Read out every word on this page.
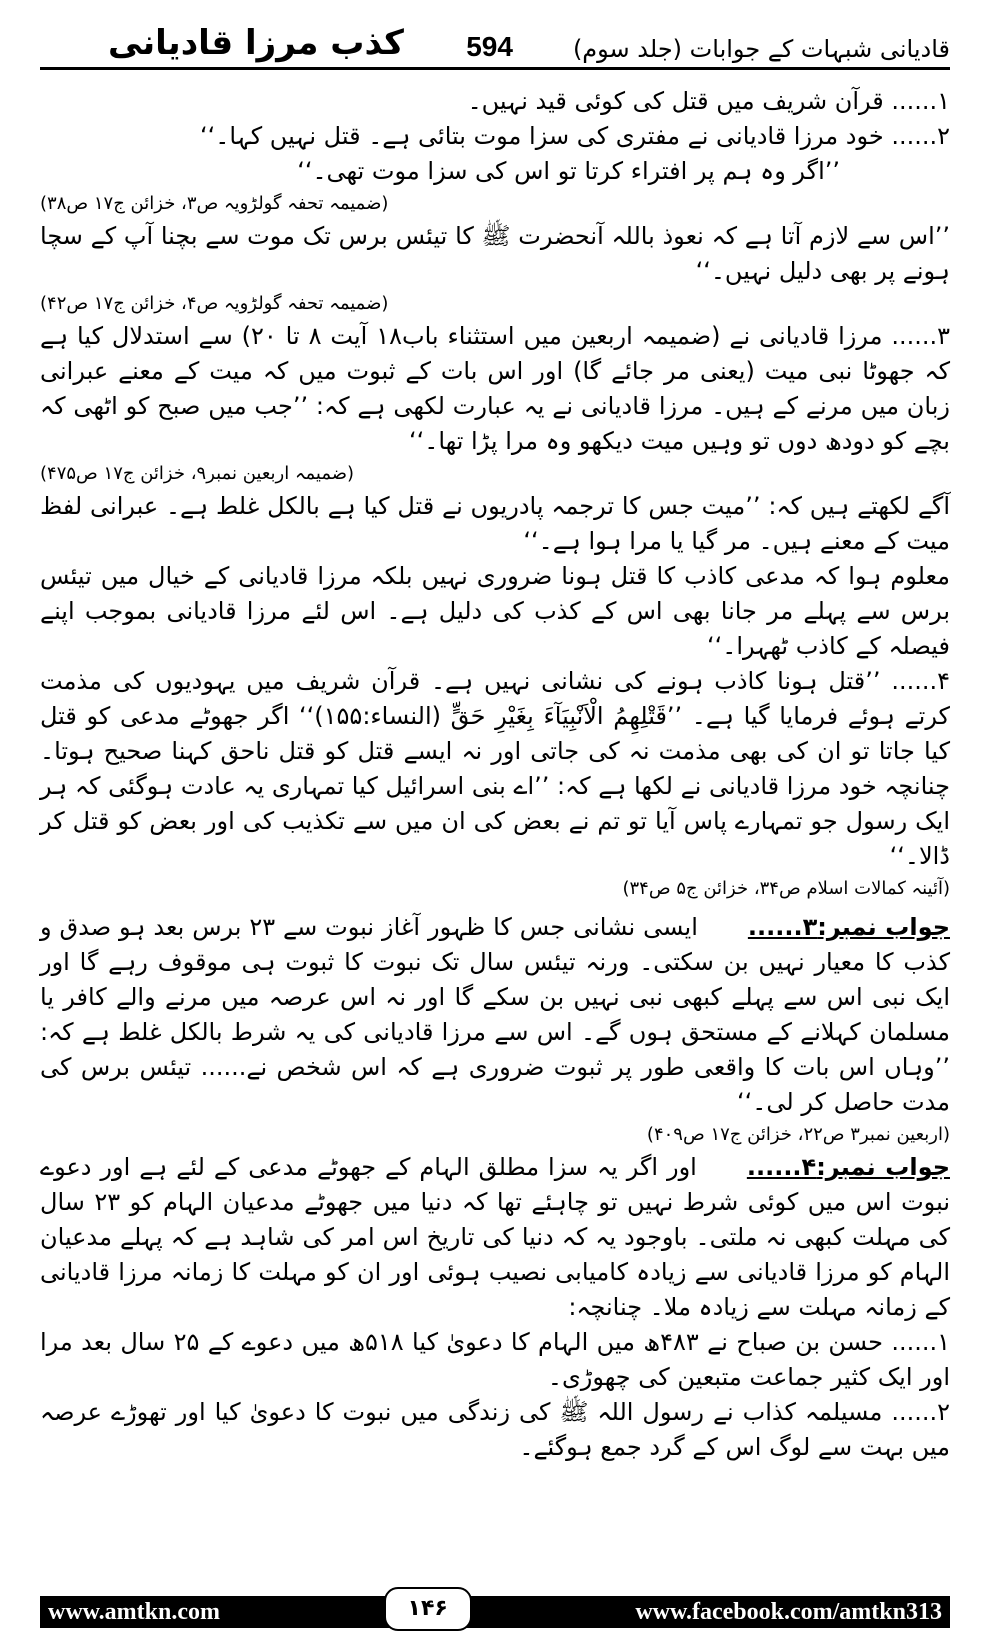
کذب مرزا قادیانی 594	قادیانی شبہات کے جوابات (جلد سوم)

۱...... قرآن شریف میں قتل کی کوئی قید نہیں۔

۲...... خود مرزا قادیانی نے مفتری کی سزا موت بتائی ہے۔ قتل نہیں کہا۔‘‘

’’اگر وہ ہم پر افتراء کرتا تو اس کی سزا موت تھی۔‘‘

(ضمیمہ تحفہ گولڑویہ ص۳، خزائن ج۱۷ ص۳۸)

’’اس سے لازم آتا ہے کہ نعوذ باللہ آنحضرت ﷺ کا تیئس برس تک موت سے بچنا آپ کے سچا ہونے پر بھی دلیل نہیں۔‘‘

(ضمیمہ تحفہ گولڑویہ ص۴، خزائن ج۱۷ ص۴۲)

۳...... مرزا قادیانی نے (ضمیمہ اربعین میں استثناء باب۱۸ آیت ۸ تا ۲۰) سے استدلال کیا ہے کہ جھوٹا نبی میت (یعنی مر جائے گا) اور اس بات کے ثبوت میں کہ میت کے معنے عبرانی زبان میں مرنے کے ہیں۔ مرزا قادیانی نے یہ عبارت لکھی ہے کہ: ’’جب میں صبح کو اٹھی کہ بچے کو دودھ دوں تو وہیں میت دیکھو وہ مرا پڑا تھا۔‘‘

(ضمیمہ اربعین نمبر۹، خزائن ج۱۷ ص۴۷۵)

آگے لکھتے ہیں کہ: ’’میت جس کا ترجمہ پادریوں نے قتل کیا ہے بالکل غلط ہے۔ عبرانی لفظ میت کے معنے ہیں۔ مر گیا یا مرا ہوا ہے۔‘‘

معلوم ہوا کہ مدعی کاذب کا قتل ہونا ضروری نہیں بلکہ مرزا قادیانی کے خیال میں تیئس برس سے پہلے مر جانا بھی اس کے کذب کی دلیل ہے۔ اس لئے مرزا قادیانی بموجب اپنے فیصلہ کے کاذب ٹھہرا۔‘‘

۴...... ’’قتل ہونا کاذب ہونے کی نشانی نہیں ہے۔ قرآن شریف میں یہودیوں کی مذمت کرتے ہوئے فرمایا گیا ہے۔ ’’قَتْلِهِمُ الْاَنْبِيَآءَ بِغَيْرِ حَقٍّ (النساء:۱۵۵)‘‘ اگر جھوٹے مدعی کو قتل کیا جاتا تو ان کی بھی مذمت نہ کی جاتی اور نہ ایسے قتل کو قتل ناحق کہنا صحیح ہوتا۔ چنانچہ خود مرزا قادیانی نے لکھا ہے کہ: ’’اے بنی اسرائیل کیا تمہاری یہ عادت ہوگئی کہ ہر ایک رسول جو تمہارے پاس آیا تو تم نے بعض کی ان میں سے تکذیب کی اور بعض کو قتل کر ڈالا۔‘‘

(آئینہ کمالات اسلام ص۳۴، خزائن ج۵ ص۳۴)

جواب نمبر:۳......ایسی نشانی جس کا ظہور آغاز نبوت سے ۲۳ برس بعد ہو صدق و کذب کا معیار نہیں بن سکتی۔ ورنہ تیئس سال تک نبوت کا ثبوت ہی موقوف رہے گا اور ایک نبی اس سے پہلے کبھی نبی نہیں بن سکے گا اور نہ اس عرصہ میں مرنے والے کافر یا مسلمان کہلانے کے مستحق ہوں گے۔ اس سے مرزا قادیانی کی یہ شرط بالکل غلط ہے کہ: ’’وہاں اس بات کا واقعی طور پر ثبوت ضروری ہے کہ اس شخص نے...... تیئس برس کی مدت حاصل کر لی۔‘‘

(اربعین نمبر۳ ص۲۲، خزائن ج۱۷ ص۴۰۹)

جواب نمبر:۴......اور اگر یہ سزا مطلق الہام کے جھوٹے مدعی کے لئے ہے اور دعوے نبوت اس میں کوئی شرط نہیں تو چاہئے تھا کہ دنیا میں جھوٹے مدعیان الہام کو ۲۳ سال کی مہلت کبھی نہ ملتی۔ باوجود یہ کہ دنیا کی تاریخ اس امر کی شاہد ہے کہ پہلے مدعیان الہام کو مرزا قادیانی سے زیادہ کامیابی نصیب ہوئی اور ان کو مہلت کا زمانہ مرزا قادیانی کے زمانہ مہلت سے زیادہ ملا۔ چنانچہ:

۱...... حسن بن صباح نے ۴۸۳ھ میں الہام کا دعویٰ کیا ۵۱۸ھ میں دعوے کے ۲۵ سال بعد مرا اور ایک کثیر جماعت متبعین کی چھوڑی۔

۲...... مسیلمہ کذاب نے رسول اللہ ﷺ کی زندگی میں نبوت کا دعویٰ کیا اور تھوڑے عرصہ میں بہت سے لوگ اس کے گرد جمع ہوگئے۔

www.amtkn.com	۱۴۶	www.facebook.com/amtkn313
